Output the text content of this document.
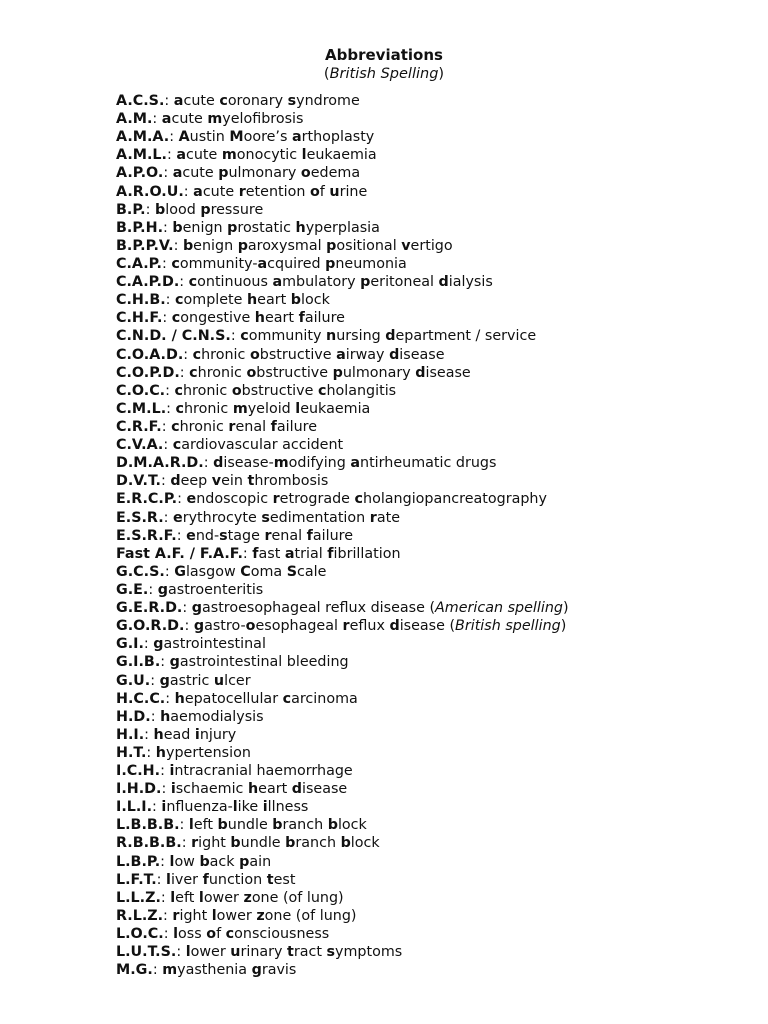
Abbreviations
(British Spelling)
A.C.S.: acute coronary syndrome
A.M.: acute myelofibrosis
A.M.A.: Austin Moore’s arthoplasty
A.M.L.: acute monocytic leukaemia
A.P.O.: acute pulmonary oedema
A.R.O.U.: acute retention of urine
B.P.: blood pressure
B.P.H.: benign prostatic hyperplasia
B.P.P.V.: benign paroxysmal positional vertigo
C.A.P.: community-acquired pneumonia
C.A.P.D.: continuous ambulatory peritoneal dialysis
C.H.B.: complete heart block
C.H.F.: congestive heart failure
C.N.D. / C.N.S.: community nursing department / service
C.O.A.D.: chronic obstructive airway disease
C.O.P.D.: chronic obstructive pulmonary disease
C.O.C.: chronic obstructive cholangitis
C.M.L.: chronic myeloid leukaemia
C.R.F.: chronic renal failure
C.V.A.: cardiovascular accident
D.M.A.R.D.: disease-modifying antirheumatic drugs
D.V.T.: deep vein thrombosis
E.R.C.P.: endoscopic retrograde cholangiopancreatography
E.S.R.: erythrocyte sedimentation rate
E.S.R.F.: end-stage renal failure
Fast A.F. / F.A.F.: fast atrial fibrillation
G.C.S.: Glasgow Coma Scale
G.E.: gastroenteritis
G.E.R.D.: gastroesophageal reflux disease (American spelling)
G.O.R.D.: gastro-oesophageal reflux disease (British spelling)
G.I.: gastrointestinal
G.I.B.: gastrointestinal bleeding
G.U.: gastric ulcer
H.C.C.: hepatocellular carcinoma
H.D.: haemodialysis
H.I.: head injury
H.T.: hypertension
I.C.H.: intracranial haemorrhage
I.H.D.: ischaemic heart disease
I.L.I.: influenza-like illness
L.B.B.B.: left bundle branch block
R.B.B.B.: right bundle branch block
L.B.P.: low back pain
L.F.T.: liver function test
L.L.Z.: left lower zone (of lung)
R.L.Z.: right lower zone (of lung)
L.O.C.: loss of consciousness
L.U.T.S.: lower urinary tract symptoms
M.G.: myasthenia gravis
